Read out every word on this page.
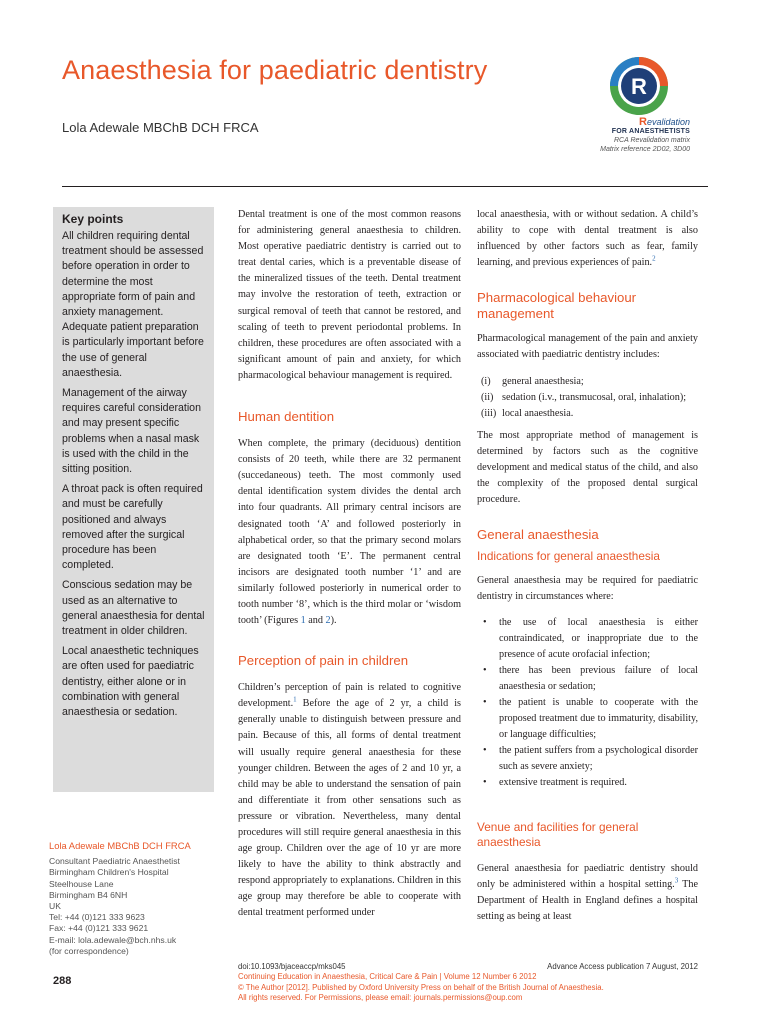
Anaesthesia for paediatric dentistry
Lola Adewale MBChB DCH FRCA
R
Revalidation
FOR ANAESTHETISTS
RCA Revalidation matrix
Matrix reference 2D02, 3D00
Key points

All children requiring dental treatment should be assessed before operation in order to determine the most appropriate form of pain and anxiety management. Adequate patient preparation is particularly important before the use of general anaesthesia.

Management of the airway requires careful consideration and may present specific problems when a nasal mask is used with the child in the sitting position.

A throat pack is often required and must be carefully positioned and always removed after the surgical procedure has been completed.

Conscious sedation may be used as an alternative to general anaesthesia for dental treatment in older children.

Local anaesthetic techniques are often used for paediatric dentistry, either alone or in combination with general anaesthesia or sedation.

Lola Adewale MBChB DCH FRCA
Consultant Paediatric Anaesthetist
Birmingham Children's Hospital
Steelhouse Lane
Birmingham B4 6NH
UK
Tel: +44 (0)121 333 9623
Fax: +44 (0)121 333 9621
E-mail: lola.adewale@bch.nhs.uk
(for correspondence)
288

Dental treatment is one of the most common reasons for administering general anaesthesia to children. Most operative paediatric dentistry is carried out to treat dental caries, which is a preventable disease of the mineralized tissues of the teeth. Dental treatment may involve the restoration of teeth, extraction or surgical removal of teeth that cannot be restored, and scaling of teeth to prevent periodontal problems. In children, these procedures are often associated with a significant amount of pain and anxiety, for which pharmacological behaviour management is required.

Human dentition

When complete, the primary (deciduous) dentition consists of 20 teeth, while there are 32 permanent (succedaneous) teeth. The most commonly used dental identification system divides the dental arch into four quadrants. All primary central incisors are designated tooth ‘A’ and followed posteriorly in alphabetical order, so that the primary second molars are designated tooth ‘E’. The permanent central incisors are designated tooth number ‘1’ and are similarly followed posteriorly in numerical order to tooth number ‘8’, which is the third molar or ‘wisdom tooth’ (Figures 1 and 2).

Perception of pain in children

Children’s perception of pain is related to cognitive development.$^1$ Before the age of 2 yr, a child is generally unable to distinguish between pressure and pain. Because of this, all forms of dental treatment will usually require general anaesthesia for these younger children. Between the ages of 2 and 10 yr, a child may be able to understand the sensation of pain and differentiate it from other sensations such as pressure or vibration. Nevertheless, many dental procedures will still require general anaesthesia in this age group. Children over the age of 10 yr are more likely to have the ability to think abstractly and respond appropriately to explanations. Children in this age group may therefore be able to cooperate with dental treatment performed under

local anaesthesia, with or without sedation. A child’s ability to cope with dental treatment is also influenced by other factors such as fear, family learning, and previous experiences of pain.$^2$

Pharmacological behaviour management

Pharmacological management of the pain and anxiety associated with paediatric dentistry includes:

(i) general anaesthesia;
(ii) sedation (i.v., transmucosal, oral, inhalation);
(iii) local anaesthesia.

The most appropriate method of management is determined by factors such as the cognitive development and medical status of the child, and also the complexity of the proposed dental surgical procedure.

General anaesthesia
Indications for general anaesthesia

General anaesthesia may be required for paediatric dentistry in circumstances where:

• the use of local anaesthesia is either contraindicated, or inappropriate due to the presence of acute orofacial infection;
• there has been previous failure of local anaesthesia or sedation;
• the patient is unable to cooperate with the proposed treatment due to immaturity, disability, or language difficulties;
• the patient suffers from a psychological disorder such as severe anxiety;
• extensive treatment is required.
Venue and facilities for general anaesthesia

General anaesthesia for paediatric dentistry should only be administered within a hospital setting.$^3$ The Department of Health in England defines a hospital setting as being at least

doi:10.1093/bjaceaccp/mks045	Advance Access publication 7 August, 2012
Continuing Education in Anaesthesia, Critical Care & Pain | Volume 12 Number 6 2012
© The Author [2012]. Published by Oxford University Press on behalf of the British Journal of Anaesthesia.
All rights reserved. For Permissions, please email: journals.permissions@oup.com
